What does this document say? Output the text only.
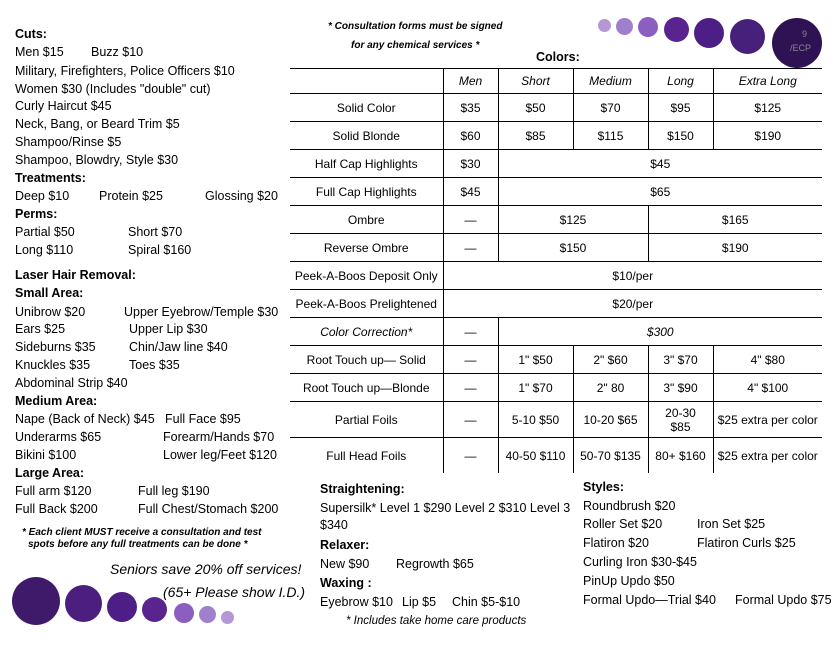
9
/ECP
* Consultation forms must be signed
for any chemical services *
Colors:
Cuts:
Men $15 Buzz $10
Military, Firefighters, Police Officers $10
Women $30 (Includes "double" cut)
Curly Haircut $45
Neck, Bang, or Beard Trim $5
Shampoo/Rinse $5
Shampoo, Blowdry, Style $30
Treatments:
Deep $10 Protein $25	Glossing $20
Perms:
Partial $50	Short $70
Long $110	Spiral $160
Laser Hair Removal:
Small Area:
Unibrow $20	Upper Eyebrow/Temple $30
Ears $25	Upper Lip $30
Sideburns $35	Chin/Jaw line $40
Knuckles $35	Toes $35
Abdominal Strip $40
Medium Area:
Nape (Back of Neck) $45 Full Face $95
Underarms $65	Forearm/Hands $70
Bikini $100	Lower leg/Feet $120
Large Area:
Full arm $120	Full leg $190
Full Back $200	Full Chest/Stomach $200
* Each client MUST receive a consultation and test
spots before any full treatments can be done *
Seniors save 20% off services!
(65+ Please show I.D.)
	Men	Short	Medium	Long	Extra Long
Solid Color	$35	$50	$70	$95	$125
Solid Blonde	$60	$85	$115	$150	$190
Half Cap Highlights	$30	$45			
Full Cap Highlights	$45	$65			
Ombre	—	$125		$165	
Reverse Ombre	—	$150		$190	
Peek-A-Boos Deposit Only	$10/per				
Peek-A-Boos Prelightened	$20/per				
Color Correction*	—	$300			
Root Touch up— Solid	—	1" $50	2" $60	3" $70	4" $80
Root Touch up—Blonde	—	1" $70	2" 80	3" $90	4" $100
Partial Foils	—	5-10 $50	10-20 $65	20-30 $85	$25 extra per color
Full Head Foils	—	40-50 $110	50-70 $135	80+ $160	$25 extra per color
Straightening:
Supersilk* Level 1 $290 Level 2 $310 Level 3
$340
Relaxer:
New $90 Regrowth $65
Waxing :
Eyebrow $10 Lip $5 Chin $5-$10
* Includes take home care products
Styles:
Roundbrush $20
Roller Set $20	Iron Set $25
Flatiron $20	Flatiron Curls $25
Curling Iron $30-$45
PinUp Updo $50
Formal Updo—Trial $40 Formal Updo $75
